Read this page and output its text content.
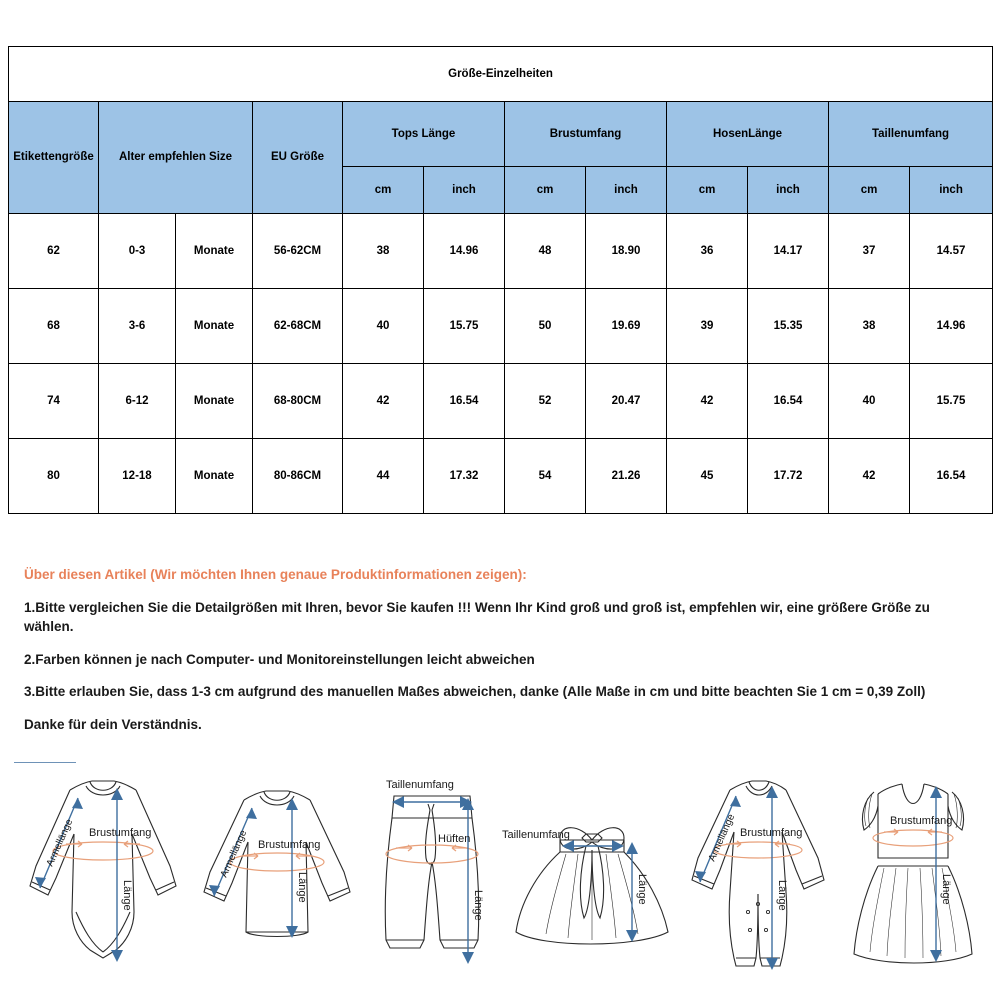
Größe-Einzelheiten											
Etikettengröße	Alter empfehlen Size		EU Größe	Tops Länge		Brustumfang		HosenLänge		Taillenumfang	
				cm	inch	cm	inch	cm	inch	cm	inch
62	0-3	Monate	56-62CM	38	14.96	48	18.90	36	14.17	37	14.57
68	3-6	Monate	62-68CM	40	15.75	50	19.69	39	15.35	38	14.96
74	6-12	Monate	68-80CM	42	16.54	52	20.47	42	16.54	40	15.75
80	12-18	Monate	80-86CM	44	17.32	54	21.26	45	17.72	42	16.54

Über diesen Artikel (Wir möchten Ihnen genaue Produktinformationen zeigen):

1.Bitte vergleichen Sie die Detailgrößen mit Ihren, bevor Sie kaufen !!! Wenn Ihr Kind groß und groß ist, empfehlen wir, eine größere Größe zu wählen.

2.Farben können je nach Computer- und Monitoreinstellungen leicht abweichen

3.Bitte erlauben Sie, dass 1-3 cm aufgrund des manuellen Maßes abweichen, danke (Alle Maße in cm und bitte beachten Sie 1 cm = 0,39 Zoll)

Danke für dein Verständnis.

Brustumfang
Armellänge
Länge
Brustumfang
Armellänge
Länge
Taillenumfang
Hüften
Länge
Taillenumfang
Länge
Brustumfang
Armellänge
Länge
Brustumfang
Länge
